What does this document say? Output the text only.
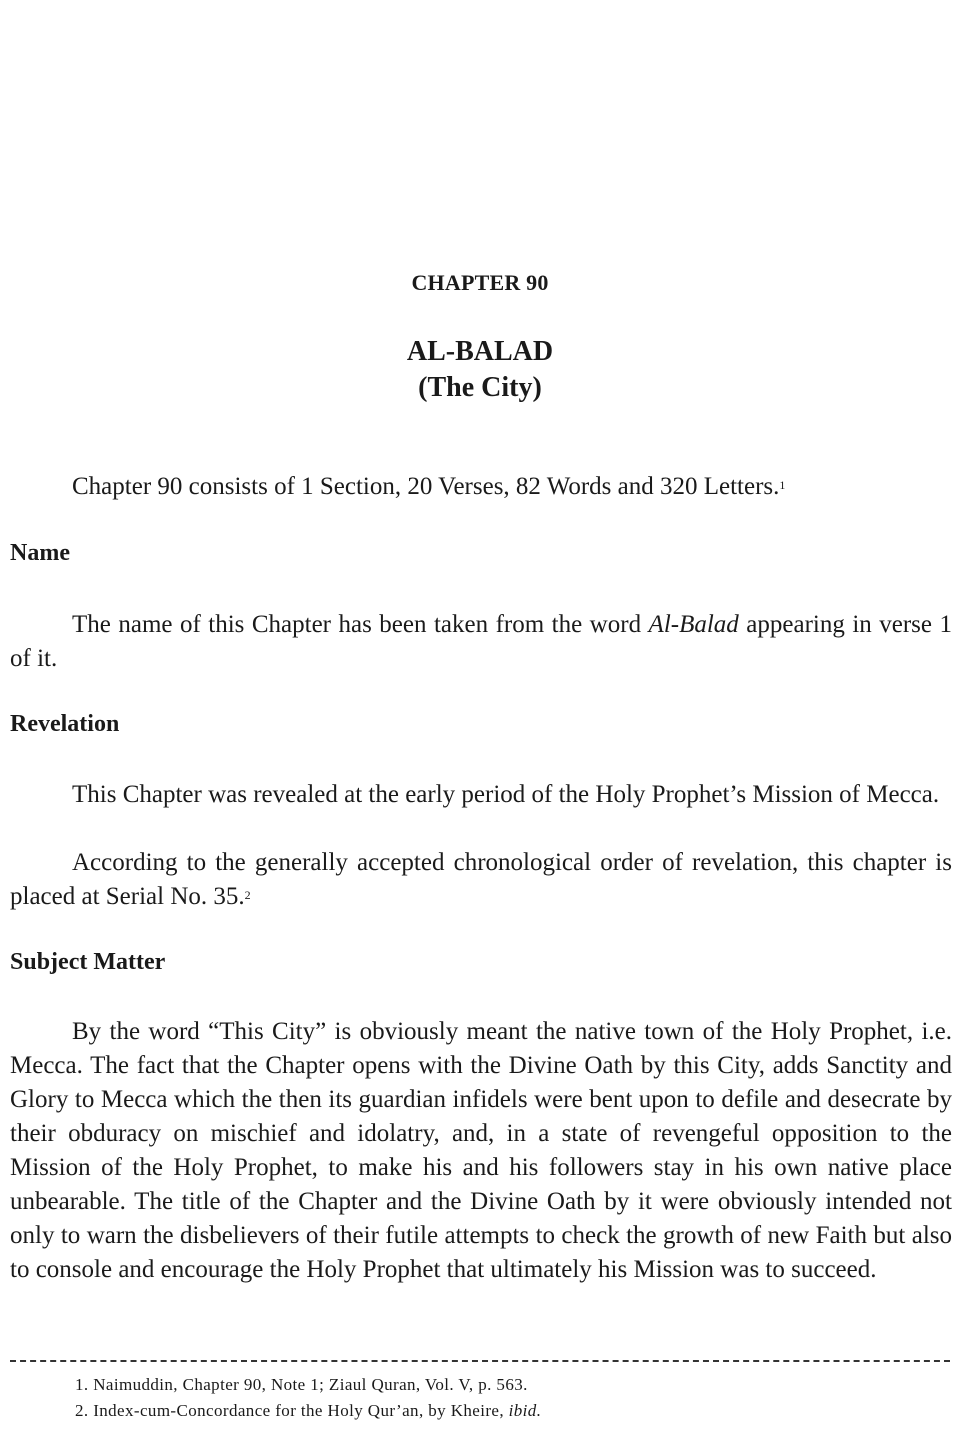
CHAPTER 90
AL-BALAD
(The City)
Chapter 90 consists of 1 Section, 20 Verses, 82 Words and 320 Letters.$^1$
Name
The name of this Chapter has been taken from the word Al-Balad appearing in verse 1 of it.
Revelation
This Chapter was revealed at the early period of the Holy Prophet’s Mission of Mecca.
According to the generally accepted chronological order of revelation, this chapter is placed at Serial No. 35.$^2$
Subject Matter
By the word “This City” is obviously meant the native town of the Holy Prophet, i.e. Mecca. The fact that the Chapter opens with the Divine Oath by this City, adds Sanctity and Glory to Mecca which the then its guardian infidels were bent upon to defile and desecrate by their obduracy on mischief and idolatry, and, in a state of revengeful opposition to the Mission of the Holy Prophet, to make his and his followers stay in his own native place unbearable. The title of the Chapter and the Divine Oath by it were obviously intended not only to warn the disbelievers of their futile attempts to check the growth of new Faith but also to console and encourage the Holy Prophet that ultimately his Mission was to succeed.
1. Naimuddin, Chapter 90, Note 1; Ziaul Quran, Vol. V, p. 563.
2. Index-cum-Concordance for the Holy Qur’an, by Kheire, ibid.
